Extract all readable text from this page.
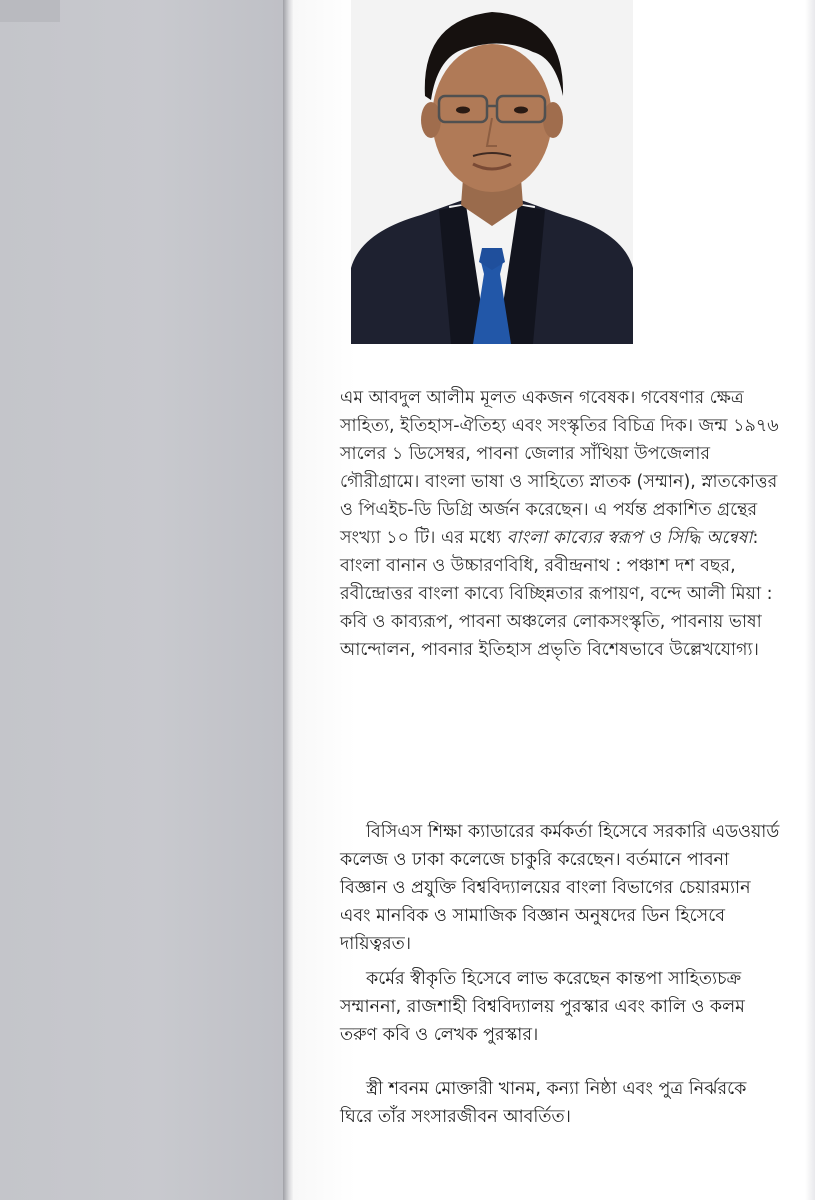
এম আবদুল আলীম মূলত একজন গবেষক। গবেষণার ক্ষেত্র সাহিত্য, ইতিহাস-ঐতিহ্য এবং সংস্কৃতির বিচিত্র দিক। জন্ম ১৯৭৬ সালের ১ ডিসেম্বর, পাবনা জেলার সাঁথিয়া উপজেলার গৌরীগ্রামে। বাংলা ভাষা ও সাহিত্যে স্নাতক (সম্মান), স্নাতকোত্তর ও পিএইচ-ডি ডিগ্রি অর্জন করেছেন। এ পর্যন্ত প্রকাশিত গ্রন্থের সংখ্যা ১০ টি। এর মধ্যে বাংলা কাব্যের স্বরূপ ও সিদ্ধি অন্বেষা: বাংলা বানান ও উচ্চারণবিধি, রবীন্দ্রনাথ : পঞ্চাশ দশ বছর, রবীন্দ্রোত্তর বাংলা কাব্যে বিচ্ছিন্নতার রূপায়ণ, বন্দে আলী মিয়া : কবি ও কাব্যরূপ, পাবনা অঞ্চলের লোকসংস্কৃতি, পাবনায় ভাষা আন্দোলন, পাবনার ইতিহাস প্রভৃতি বিশেষভাবে উল্লেখযোগ্য।

বিসিএস শিক্ষা ক্যাডারের কর্মকর্তা হিসেবে সরকারি এডওয়ার্ড কলেজ ও ঢাকা কলেজে চাকুরি করেছেন। বর্তমানে পাবনা বিজ্ঞান ও প্রযুক্তি বিশ্ববিদ্যালয়ের বাংলা বিভাগের চেয়ারম্যান এবং মানবিক ও সামাজিক বিজ্ঞান অনুষদের ডিন হিসেবে দায়িত্বরত।

কর্মের স্বীকৃতি হিসেবে লাভ করেছেন কান্তপা সাহিত্যচক্র সম্মাননা, রাজশাহী বিশ্ববিদ্যালয় পুরস্কার এবং কালি ও কলম তরুণ কবি ও লেখক পুরস্কার।

স্ত্রী শবনম মোক্তারী খানম, কন্যা নিষ্ঠা এবং পুত্র নির্ঝরকে ঘিরে তাঁর সংসারজীবন আবর্তিত।
